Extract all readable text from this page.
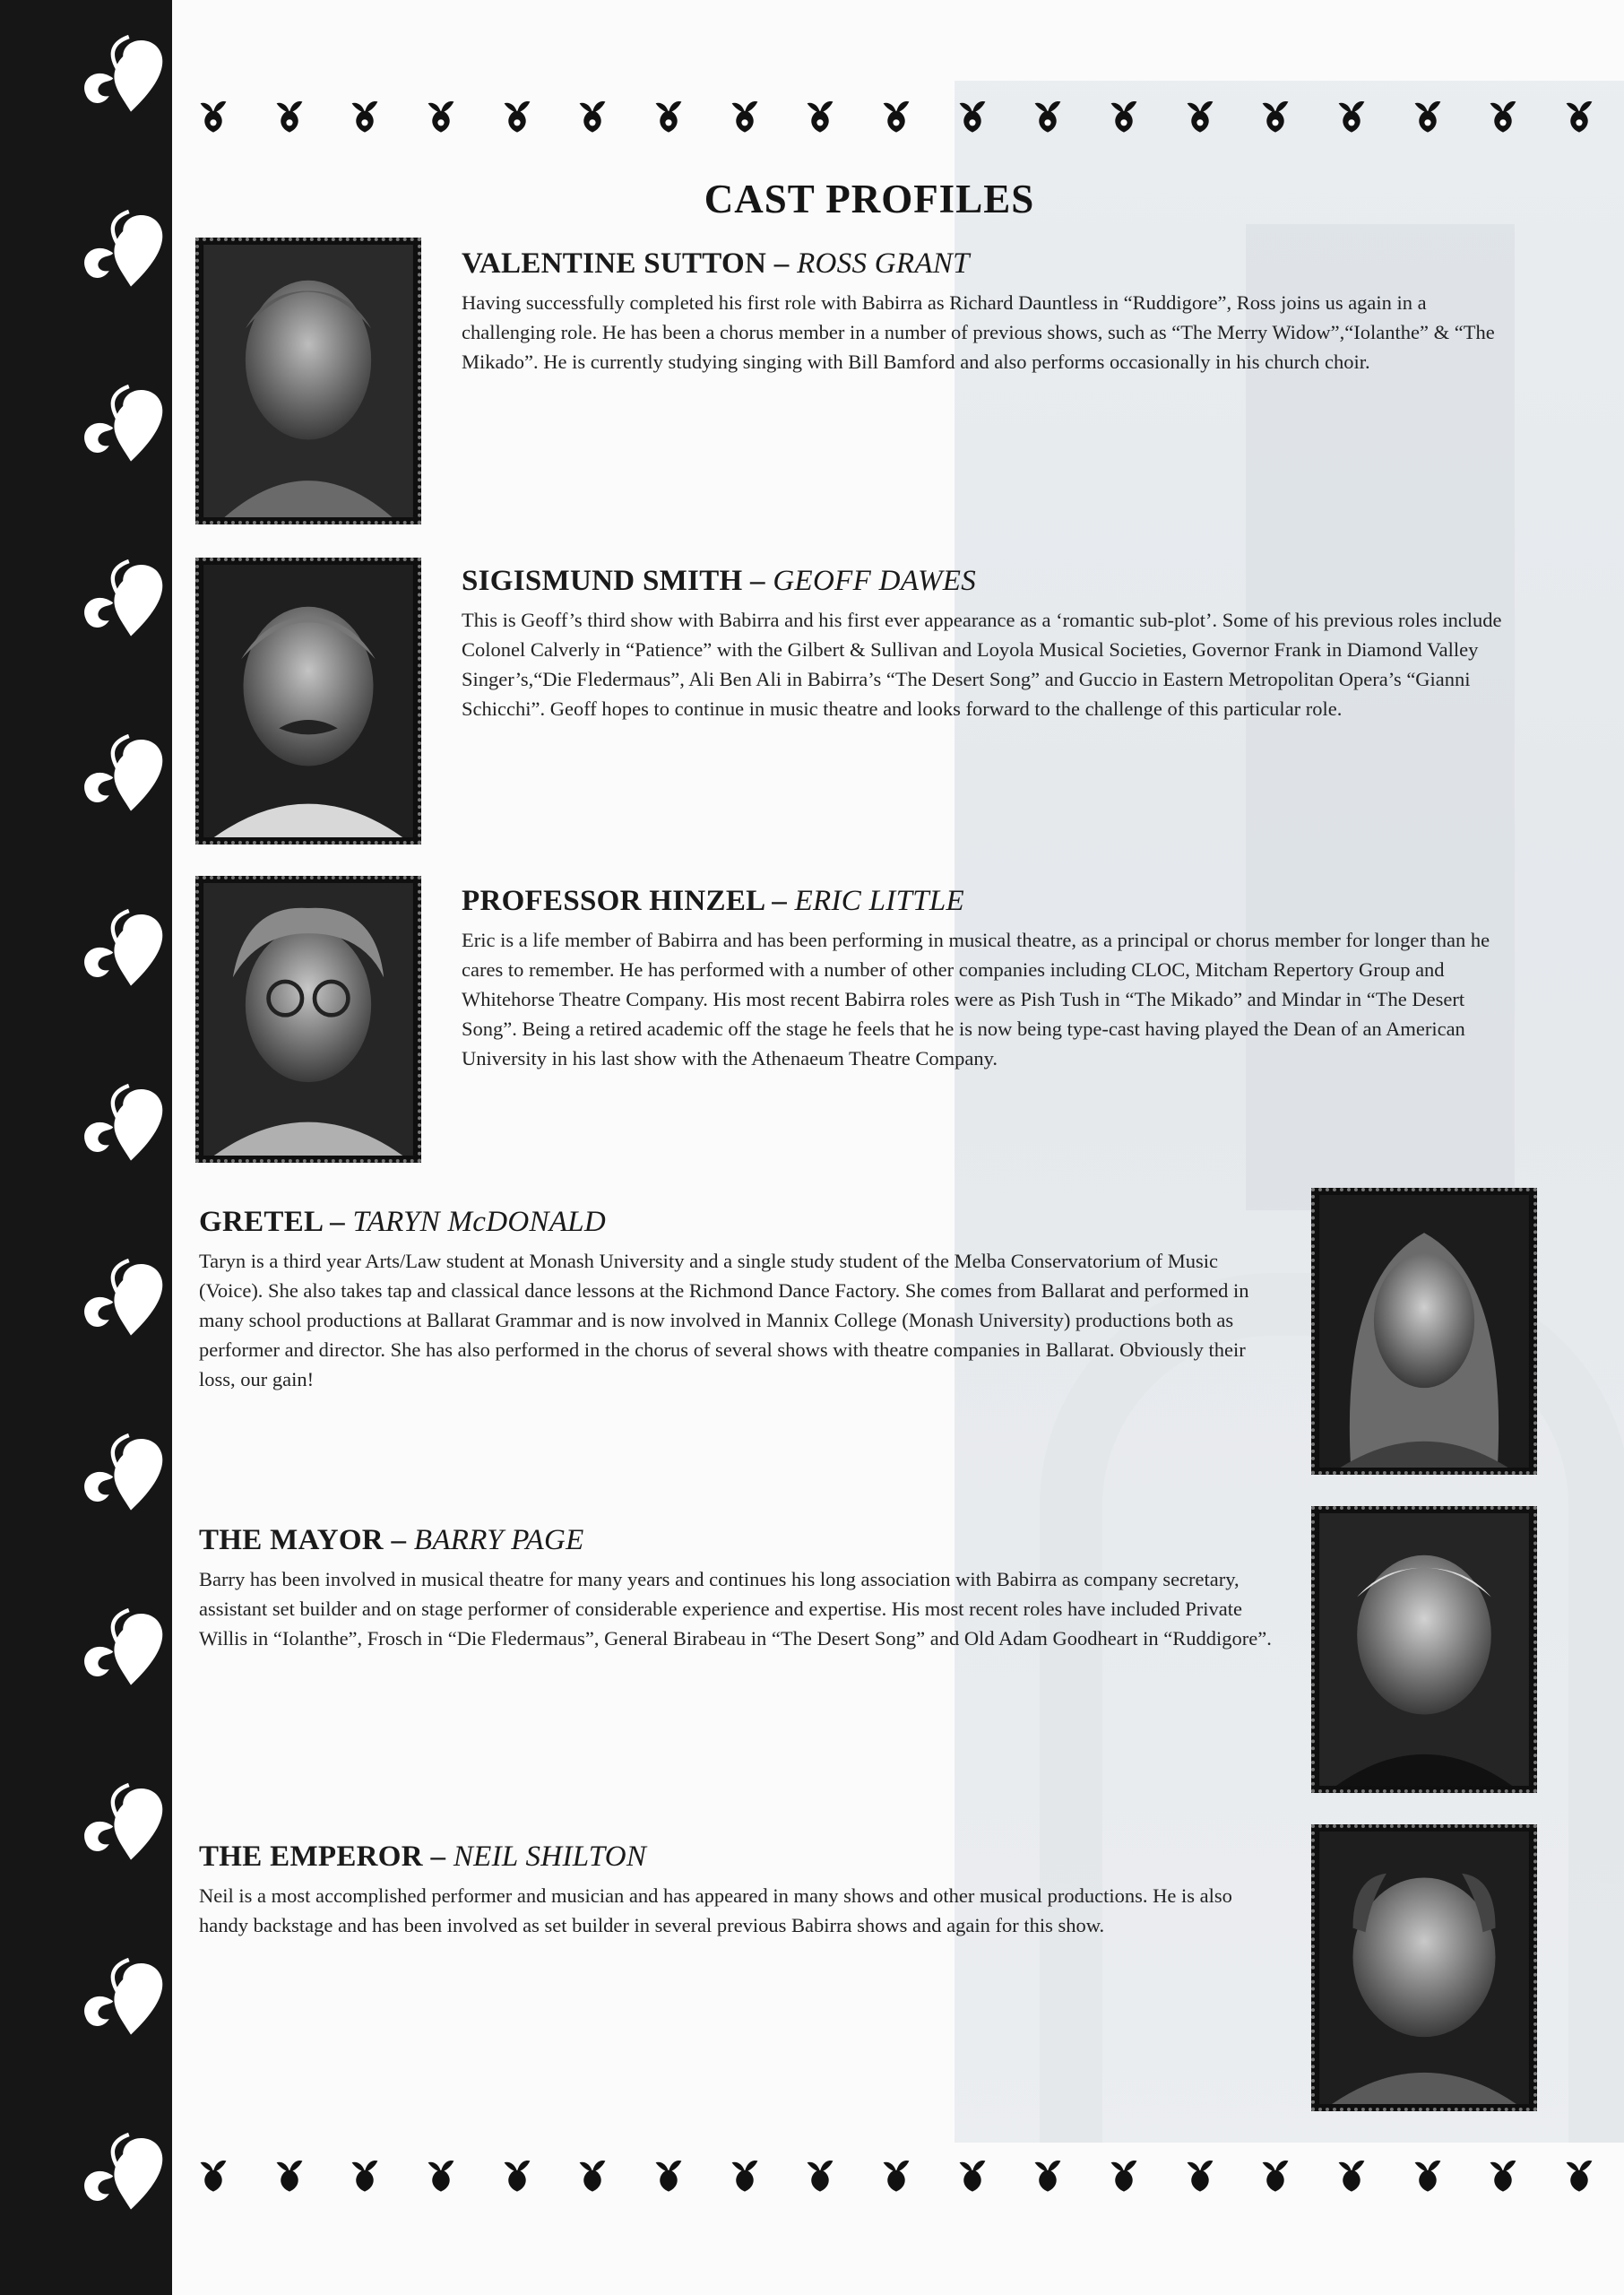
CAST PROFILES
VALENTINE SUTTON – ROSS GRANT

Having successfully completed his first role with Babirra as Richard Dauntless in “Ruddigore”, Ross joins us again in a challenging role. He has been a chorus member in a number of previous shows, such as “The Merry Widow”,“Iolanthe” & “The Mikado”. He is currently studying singing with Bill Bamford and also performs occasionally in his church choir.

SIGISMUND SMITH – GEOFF DAWES

This is Geoff’s third show with Babirra and his first ever appearance as a ‘romantic sub-plot’. Some of his previous roles include Colonel Calverly in “Patience” with the Gilbert & Sullivan and Loyola Musical Societies, Governor Frank in Diamond Valley Singer’s,“Die Fledermaus”, Ali Ben Ali in Babirra’s “The Desert Song” and Guccio in Eastern Metropolitan Opera’s “Gianni Schicchi”. Geoff hopes to continue in music theatre and looks forward to the challenge of this particular role.

PROFESSOR HINZEL – ERIC LITTLE

Eric is a life member of Babirra and has been performing in musical theatre, as a principal or chorus member for longer than he cares to remember. He has performed with a number of other companies including CLOC, Mitcham Repertory Group and Whitehorse Theatre Company. His most recent Babirra roles were as Pish Tush in “The Mikado” and Mindar in “The Desert Song”. Being a retired academic off the stage he feels that he is now being type-cast having played the Dean of an American University in his last show with the Athenaeum Theatre Company.

GRETEL – TARYN McDONALD

Taryn is a third year Arts/Law student at Monash University and a single study student of the Melba Conservatorium of Music (Voice). She also takes tap and classical dance lessons at the Richmond Dance Factory. She comes from Ballarat and performed in many school productions at Ballarat Grammar and is now involved in Mannix College (Monash University) productions both as performer and director. She has also performed in the chorus of several shows with theatre companies in Ballarat. Obviously their loss, our gain!

THE MAYOR – BARRY PAGE

Barry has been involved in musical theatre for many years and continues his long association with Babirra as company secretary, assistant set builder and on stage performer of considerable experience and expertise. His most recent roles have included Private Willis in “Iolanthe”, Frosch in “Die Fledermaus”, General Birabeau in “The Desert Song” and Old Adam Goodheart in “Ruddigore”.

THE EMPEROR – NEIL SHILTON

Neil is a most accomplished performer and musician and has appeared in many shows and other musical productions. He is also handy backstage and has been involved as set builder in several previous Babirra shows and again for this show.
